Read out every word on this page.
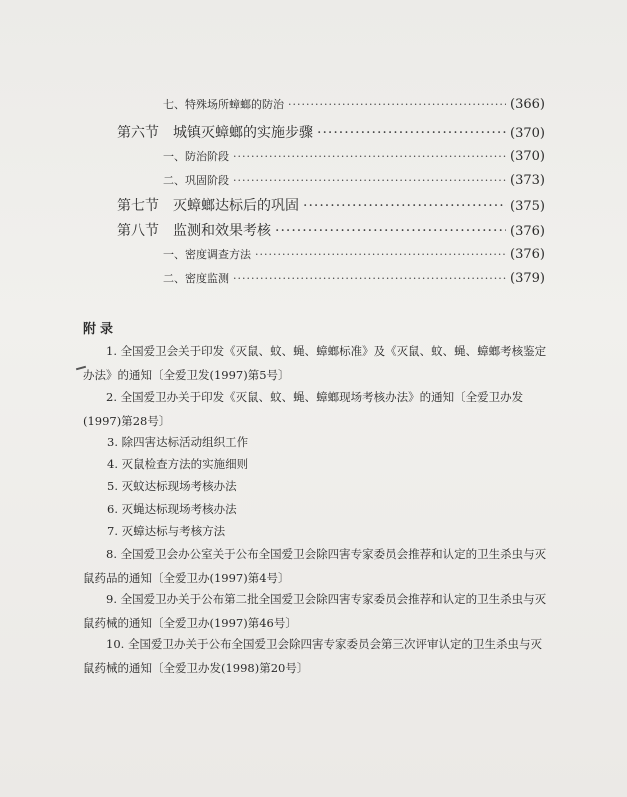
七、特殊场所蟑螂的防治 ·····	(366)
第六节 城镇灭蟑螂的实施步骤 ·····	(370)
一、防治阶段 ·····	(370)
二、巩固阶段 ·····	(373)
第七节 灭蟑螂达标后的巩固 ·····	(375)
第八节 监测和效果考核 ·····	(376)
一、密度调查方法 ·····	(376)
二、密度监测 ·····	(379)
附录
1. 全国爱卫会关于印发《灭鼠、蚊、蝇、蟑螂标准》及《灭鼠、蚊、蝇、蟑螂考核鉴定办法》的通知〔全爱卫发(1997)第5号〕
2. 全国爱卫办关于印发《灭鼠、蚊、蝇、蟑螂现场考核办法》的通知〔全爱卫办发(1997)第28号〕
3. 除四害达标活动组织工作
4. 灭鼠检查方法的实施细则
5. 灭蚊达标现场考核办法
6. 灭蝇达标现场考核办法
7. 灭蟑达标与考核方法
8. 全国爱卫会办公室关于公布全国爱卫会除四害专家委员会推荐和认定的卫生杀虫与灭鼠药品的通知〔全爱卫办(1997)第4号〕
9. 全国爱卫办关于公布第二批全国爱卫会除四害专家委员会推荐和认定的卫生杀虫与灭鼠药械的通知〔全爱卫办(1997)第46号〕
10. 全国爱卫办关于公布全国爱卫会除四害专家委员会第三次评审认定的卫生杀虫与灭鼠药械的通知〔全爱卫办发(1998)第20号〕
